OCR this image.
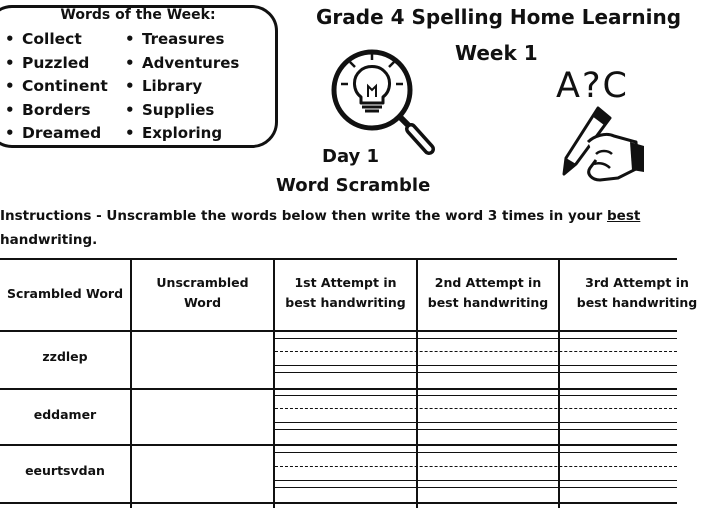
Words of the Week:
• Collect
• Puzzled
• Continent
• Borders
• Dreamed
• Treasures
• Adventures
• Library
• Supplies
• Exploring
Grade 4 Spelling Home Learning
Week 1
Day 1
Word Scramble
A?C
Instructions - Unscramble the words below then write the word 3 times in your best handwriting.
Scrambled Word
Unscrambled
Word
1st Attempt in
best handwriting
2nd Attempt in
best handwriting
3rd Attempt in
best handwriting
zzdlep
eddamer
eeurtsvdan
